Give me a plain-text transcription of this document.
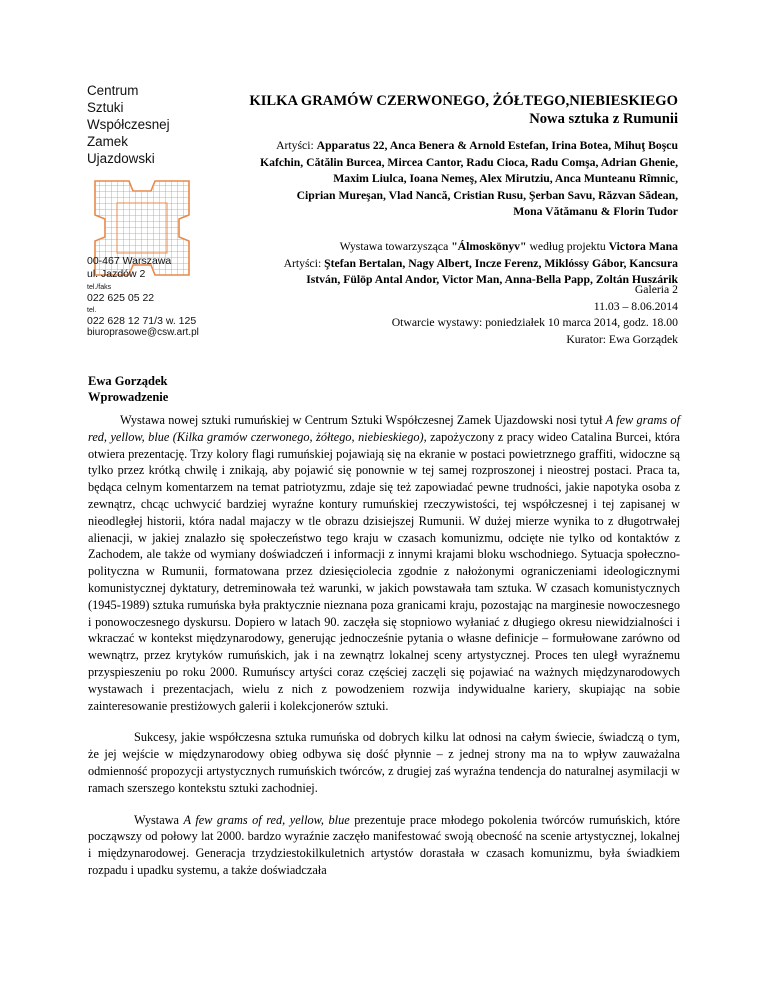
Centrum

Sztuki

Współczesnej

Zamek

Ujazdowski

00-467 Warszawa
ul. Jazdów 2
tel./faks
022 625 05 22
tel.
022 628 12 71/3 w. 125
biuroprasowe@csw.art.pl

KILKA GRAMÓW CZERWONEGO, ŻÓŁTEGO,NIEBIESKIEGO

Nowa sztuka z Rumunii

Artyści: Apparatus 22, Anca Benera & Arnold Estefan, Irina Botea, Mihuţ Boşcu
Kafchin, Cătălin Burcea, Mircea Cantor, Radu Cioca, Radu Comşa, Adrian Ghenie,
Maxim Liulca, Ioana Nemeş, Alex Mirutziu, Anca Munteanu Rîmnic,
Ciprian Mureşan, Vlad Nancă, Cristian Rusu, Şerban Savu, Răzvan Sădean,
Mona Vătămanu & Florin Tudor

Wystawa towarzysząca "Álmoskönyv" według projektu Victora Mana
Artyści: Ştefan Bertalan, Nagy Albert, Incze Ferenz, Miklóssy Gábor, Kancsura
István, Fülöp Antal Andor, Victor Man, Anna-Bella Papp, Zoltán Huszárik
Galeria 2
11.03 – 8.06.2014
Otwarcie wystawy: poniedziałek 10 marca 2014, godz. 18.00
Kurator: Ewa Gorządek
Ewa Gorządek
Wprowadzenie

Wystawa nowej sztuki rumuńskiej w Centrum Sztuki Współczesnej Zamek Ujazdowski nosi tytuł A few grams of red, yellow, blue (Kilka gramów czerwonego, żółtego, niebieskiego), zapożyczony z pracy wideo Catalina Burcei, która otwiera prezentację. Trzy kolory flagi rumuńskiej pojawiają się na ekranie w postaci powietrznego graffiti, widoczne są tylko przez krótką chwilę i znikają, aby pojawić się ponownie w tej samej rozproszonej i nieostrej postaci. Praca ta, będąca celnym komentarzem na temat patriotyzmu, zdaje się też zapowiadać pewne trudności, jakie napotyka osoba z zewnątrz, chcąc uchwycić bardziej wyraźne kontury rumuńskiej rzeczywistości, tej współczesnej i tej zapisanej w nieodległej historii, która nadal majaczy w tle obrazu dzisiejszej Rumunii. W dużej mierze wynika to z długotrwałej alienacji, w jakiej znalazło się społeczeństwo tego kraju w czasach komunizmu, odcięte nie tylko od kontaktów z Zachodem, ale także od wymiany doświadczeń i informacji z innymi krajami bloku wschodniego. Sytuacja społeczno-polityczna w Rumunii, formatowana przez dziesięciolecia zgodnie z nałożonymi ograniczeniami ideologicznymi komunistycznej dyktatury, detreminowała też warunki, w jakich powstawała tam sztuka. W czasach komunistycznych (1945-1989) sztuka rumuńska była praktycznie nieznana poza granicami kraju, pozostając na marginesie nowoczesnego i ponowoczesnego dyskursu. Dopiero w latach 90. zaczęła się stopniowo wyłaniać z długiego okresu niewidzialności i wkraczać w kontekst międzynarodowy, generując jednocześnie pytania o własne definicje – formułowane zarówno od wewnątrz, przez krytyków rumuńskich, jak i na zewnątrz lokalnej sceny artystycznej. Proces ten uległ wyraźnemu przyspieszeniu po roku 2000. Rumuńscy artyści coraz częściej zaczęli się pojawiać na ważnych międzynarodowych wystawach i prezentacjach, wielu z nich z powodzeniem rozwija indywidualne kariery, skupiając na sobie zainteresowanie prestiżowych galerii i kolekcjonerów sztuki.

Sukcesy, jakie współczesna sztuka rumuńska od dobrych kilku lat odnosi na całym świecie, świadczą o tym, że jej wejście w międzynarodowy obieg odbywa się dość płynnie – z jednej strony ma na to wpływ zauważalna odmienność propozycji artystycznych rumuńskich twórców, z drugiej zaś wyraźna tendencja do naturalnej asymilacji w ramach szerszego kontekstu sztuki zachodniej.

Wystawa A few grams of red, yellow, blue prezentuje prace młodego pokolenia twórców rumuńskich, które począwszy od połowy lat 2000. bardzo wyraźnie zaczęło manifestować swoją obecność na scenie artystycznej, lokalnej i międzynarodowej. Generacja trzydziestokilkuletnich artystów dorastała w czasach komunizmu, była świadkiem rozpadu i upadku systemu, a także doświadczała
